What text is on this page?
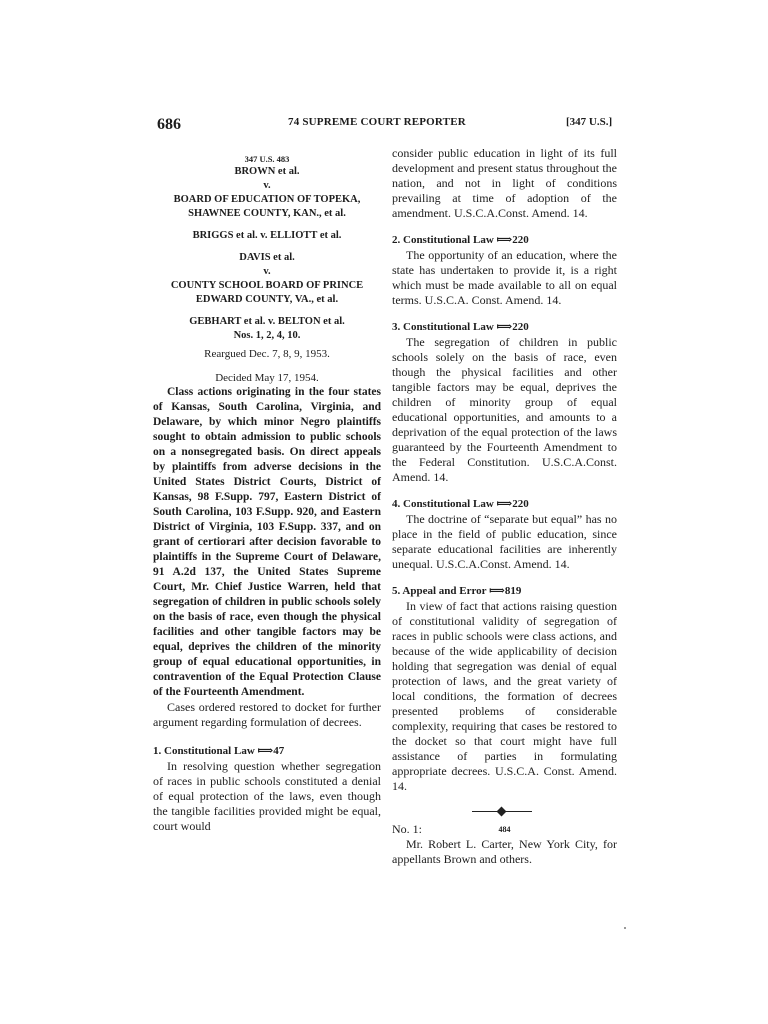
686	74 SUPREME COURT REPORTER	[347 U.S.]
347 U.S. 483
BROWN et al.
v.
BOARD OF EDUCATION OF TOPEKA,
SHAWNEE COUNTY, KAN., et al.
BRIGGS et al. v. ELLIOTT et al.
DAVIS et al.
v.
COUNTY SCHOOL BOARD OF PRINCE
EDWARD COUNTY, VA., et al.
GEBHART et al. v. BELTON et al.
Nos. 1, 2, 4, 10.
Reargued Dec. 7, 8, 9, 1953.
Decided May 17, 1954.

Class actions originating in the four states of Kansas, South Carolina, Virginia, and Delaware, by which minor Negro plaintiffs sought to obtain admission to public schools on a nonsegregated basis. On direct appeals by plaintiffs from adverse decisions in the United States District Courts, District of Kansas, 98 F.Supp. 797, Eastern District of South Carolina, 103 F.Supp. 920, and Eastern District of Virginia, 103 F.Supp. 337, and on grant of certiorari after decision favorable to plaintiffs in the Supreme Court of Delaware, 91 A.2d 137, the United States Supreme Court, Mr. Chief Justice Warren, held that segregation of children in public schools solely on the basis of race, even though the physical facilities and other tangible factors may be equal, deprives the children of the minority group of equal educational opportunities, in contravention of the Equal Protection Clause of the Fourteenth Amendment.

Cases ordered restored to docket for further argument regarding formulation of decrees.

1. Constitutional Law ⟾47

In resolving question whether segregation of races in public schools constituted a denial of equal protection of the laws, even though the tangible facilities provided might be equal, court would

consider public education in light of its full development and present status throughout the nation, and not in light of conditions prevailing at time of adoption of the amendment. U.S.C.A.Const. Amend. 14.

2. Constitutional Law ⟾220

The opportunity of an education, where the state has undertaken to provide it, is a right which must be made available to all on equal terms. U.S.C.A. Const. Amend. 14.

3. Constitutional Law ⟾220

The segregation of children in public schools solely on the basis of race, even though the physical facilities and other tangible factors may be equal, deprives the children of minority group of equal educational opportunities, and amounts to a deprivation of the equal protection of the laws guaranteed by the Fourteenth Amendment to the Federal Constitution. U.S.C.A.Const. Amend. 14.

4. Constitutional Law ⟾220

The doctrine of “separate but equal” has no place in the field of public education, since separate educational facilities are inherently unequal. U.S.C.A.Const. Amend. 14.

5. Appeal and Error ⟾819

In view of fact that actions raising question of constitutional validity of segregation of races in public schools were class actions, and because of the wide applicability of decision holding that segregation was denial of equal protection of laws, and the great variety of local conditions, the formation of decrees presented problems of considerable complexity, requiring that cases be restored to the docket so that court might have full assistance of parties in formulating appropriate decrees. U.S.C.A. Const. Amend. 14.

484

Mr. Robert L. Carter, New York City, for appellants Brown and others.

No. 1:
